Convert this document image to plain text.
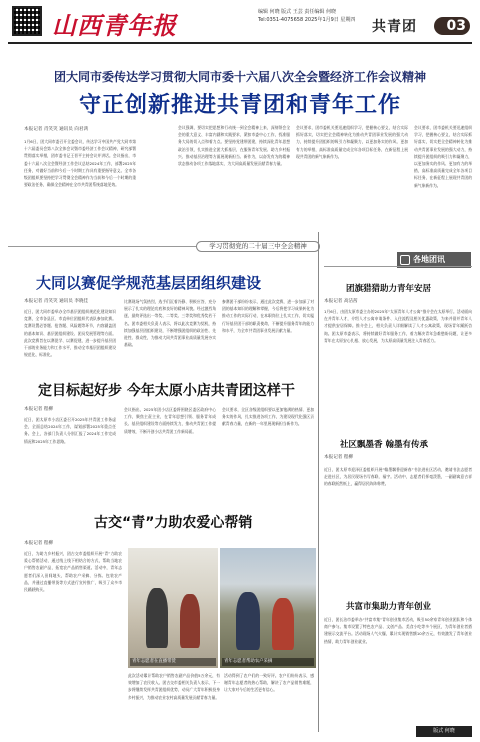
山西青年报	编辑 何晓 版式 王芸 责任编辑 何晓
Tel:0351-4075658 2025年1月9日 星期四	共青团	03
团大同市委传达学习贯彻大同市委十六届八次全会暨经济工作会议精神
守正创新推进共青团和青年工作
本报记者 肖笑笑 通讯员 向君鸿
1月6日，团大同市委召开全委会议，传达学习中国共产党大同市第十六届委员会第八次全体会议暨市委经济工作会议精神，研究部署贯彻落实举措，团市委书记王晋平主持会议并讲话。会议指出，市委十六届八次全会暨经济工作会议总结2024年工作，部署2025年任务，对做好当前和今后一个时期工作具有重要指导意义。全市各级团组织要坚持把学习贯彻全会精神作为当前和今后一个时期的重要政治任务，确保全会精神在全市共青团系统落地见效。
会议强调，要切实把思想和行动统一到全会精神上来，深刻领会全会的重大意义、丰富内涵和实践要求，紧扣市委中心工作，找准服务大局的切入点和着力点。要坚持党建带团建，持续深化青年思想政治引领，扎实推进全团大抓基层，在服务青年发展、助力乡村振兴、推动基层治理等方面展现新担当、新作为，以奋发有为的精神状态推动各项工作落地落实，为大同高质量发展贡献青春力量。
会议要求，团市委机关要迅速组织学习，把握核心要义，结合实际抓好落实，切实把全会精神转化为推动共青团事业发展的强大动力，持续提升团组织的吸引力和凝聚力，以更加务实的作风、更加有力的举措，高标准高质量完成全年各项目标任务，在新征程上展现共青团的新气象新作为。
会议要求，团市委机关要迅速组织学习，把握核心要义，结合实际抓好落实，切实把全会精神转化为推动共青团事业发展的强大动力，持续提升团组织的吸引力和凝聚力，以更加务实的作风、更加有力的举措，高标准高质量完成全年各项目标任务，在新征程上展现共青团的新气象新作为。
学习贯彻党的二十届三中全会精神
大同以赛促学规范基层团组织建设
本报记者 肖笑笑 通讯员 李晓佳
近日，团大同市委举办全市基层团组织规范化建设知识竞赛，全市各县区、市直单位团组织代表队参加比赛。竞赛设置必答题、抢答题、风险题等环节，内容涵盖团的基本知识、基层团组织建设、团员发展管理等方面。此次竞赛旨在以赛促学、以赛促建，进一步提升基层团干部的业务能力和工作水平，推动全市基层团组织建设规范化、标准化。
比赛现场气氛热烈，选手们沉着冷静、积极应答，充分展示了扎实的理论功底和良好的精神风貌。经过激烈角逐，最终评选出一等奖、二等奖、三等奖和优秀奖若干名。团市委相关负责人表示，将以此次竞赛为契机，持续加强基层团组织建设，不断增强团组织的政治性、先进性、群众性，为推动大同共青团事业高质量发展夯实基础。
参赛团干部纷纷表示，通过此次竞赛，进一步加深了对团的基本知识的理解和掌握，今后将把学习成果转化为推动工作的实际行动，在本职岗位上扎实工作，切实履行好基层团干部的职责使命，不断提升服务青年的能力和水平，为全市共青团事业发展贡献力量。
定目标起好步 今年太原小店共青团这样干
本报记者 程柳
近日，团太原市小店区委召开2025年共青团工作务虚会，全面总结2024年工作，谋划部署2025年重点任务。会上，各部门负责人分别汇报了2024年工作完成情况和2025年工作思路。
会议指出，2025年团小店区委将围绕区委区政府中心工作，聚焦主责主业，在青年思想引领、服务青年成长、基层组织建设等方面持续发力，推动共青团工作提质增效，不断开创小店共青团工作新局面。
会议要求，全区各级团组织要以更加饱满的热情、更加务实的作风，扎实推进各项工作，为建设现代化强区贡献青春力量，在新的一年里展现新担当新作为。
古交“青”力助农爱心帮销
本报记者 程柳
近日，为助力乡村振兴，团古交市委组织开展“青”力助农爱心帮销活动，通过线上线下相结合的方式，帮助当地农户销售农副产品，拓宽农产品销售渠道。活动中，青年志愿者们深入田间地头，帮助农户采摘、分拣、包装农产品，并通过直播带货等方式进行宣传推广，吸引了众多市民踊跃购买。
此次活动累计帮助农户销售农副产品价值5万余元，有效增加了农民收入。团古交市委相关负责人表示，下一步将继续发挥共青团组织优势，动员广大青年积极投身乡村振兴，为推动农业农村高质量发展贡献青春力量。
活动得到了农户们的一致好评。农户们纷纷表示，感谢青年志愿者的热心帮助，解决了农产品销售难题，让大家对今后的生活更有信心。
青年志愿者在直播带货	青年志愿者帮助农户采摘
各地团讯
团旗猎猎助力青年安居
本报记者 高洁茜
1月6日，由团太原市委主办的2025年“太原青年人才公寓”推介会在太原举行。活动面向在并青年人才，介绍人才公寓申请条件、入住流程及相关优惠政策，为来并留并青年人才提供安居保障。推介会上，相关负责人详细解读了人才公寓政策，现场青年踊跃咨询。团太原市委表示，将持续做好青年服务工作，着力解决青年急难愁盼问题，让更多青年在太原安心扎根、放心发展，为太原高质量发展注入青春活力。
社区飘墨香 翰墨有传承
本报记者 程柳
近日，团太原市迎泽区委组织开展“翰墨飘香迎新春”书法进社区活动，邀请书法志愿者走进社区，为居民现场书写春联、福字。活动中，志愿者们挥毫泼墨，一副副寓意吉祥的春联跃然纸上，赢得居民阵阵称赞。
共富市集助力青年创业
近日，团长治市委举办“共富市集”青年创业集市活动，吸引50余家青年创业团队和个体商户参与。集市设置了特色农产品、文创产品、美食小吃等多个展区，为青年创业者搭建展示交流平台。活动现场人气火爆，累计实现销售额10余万元，有效激发了青年创业热情，助力青年创业就业。
版式 何晓
